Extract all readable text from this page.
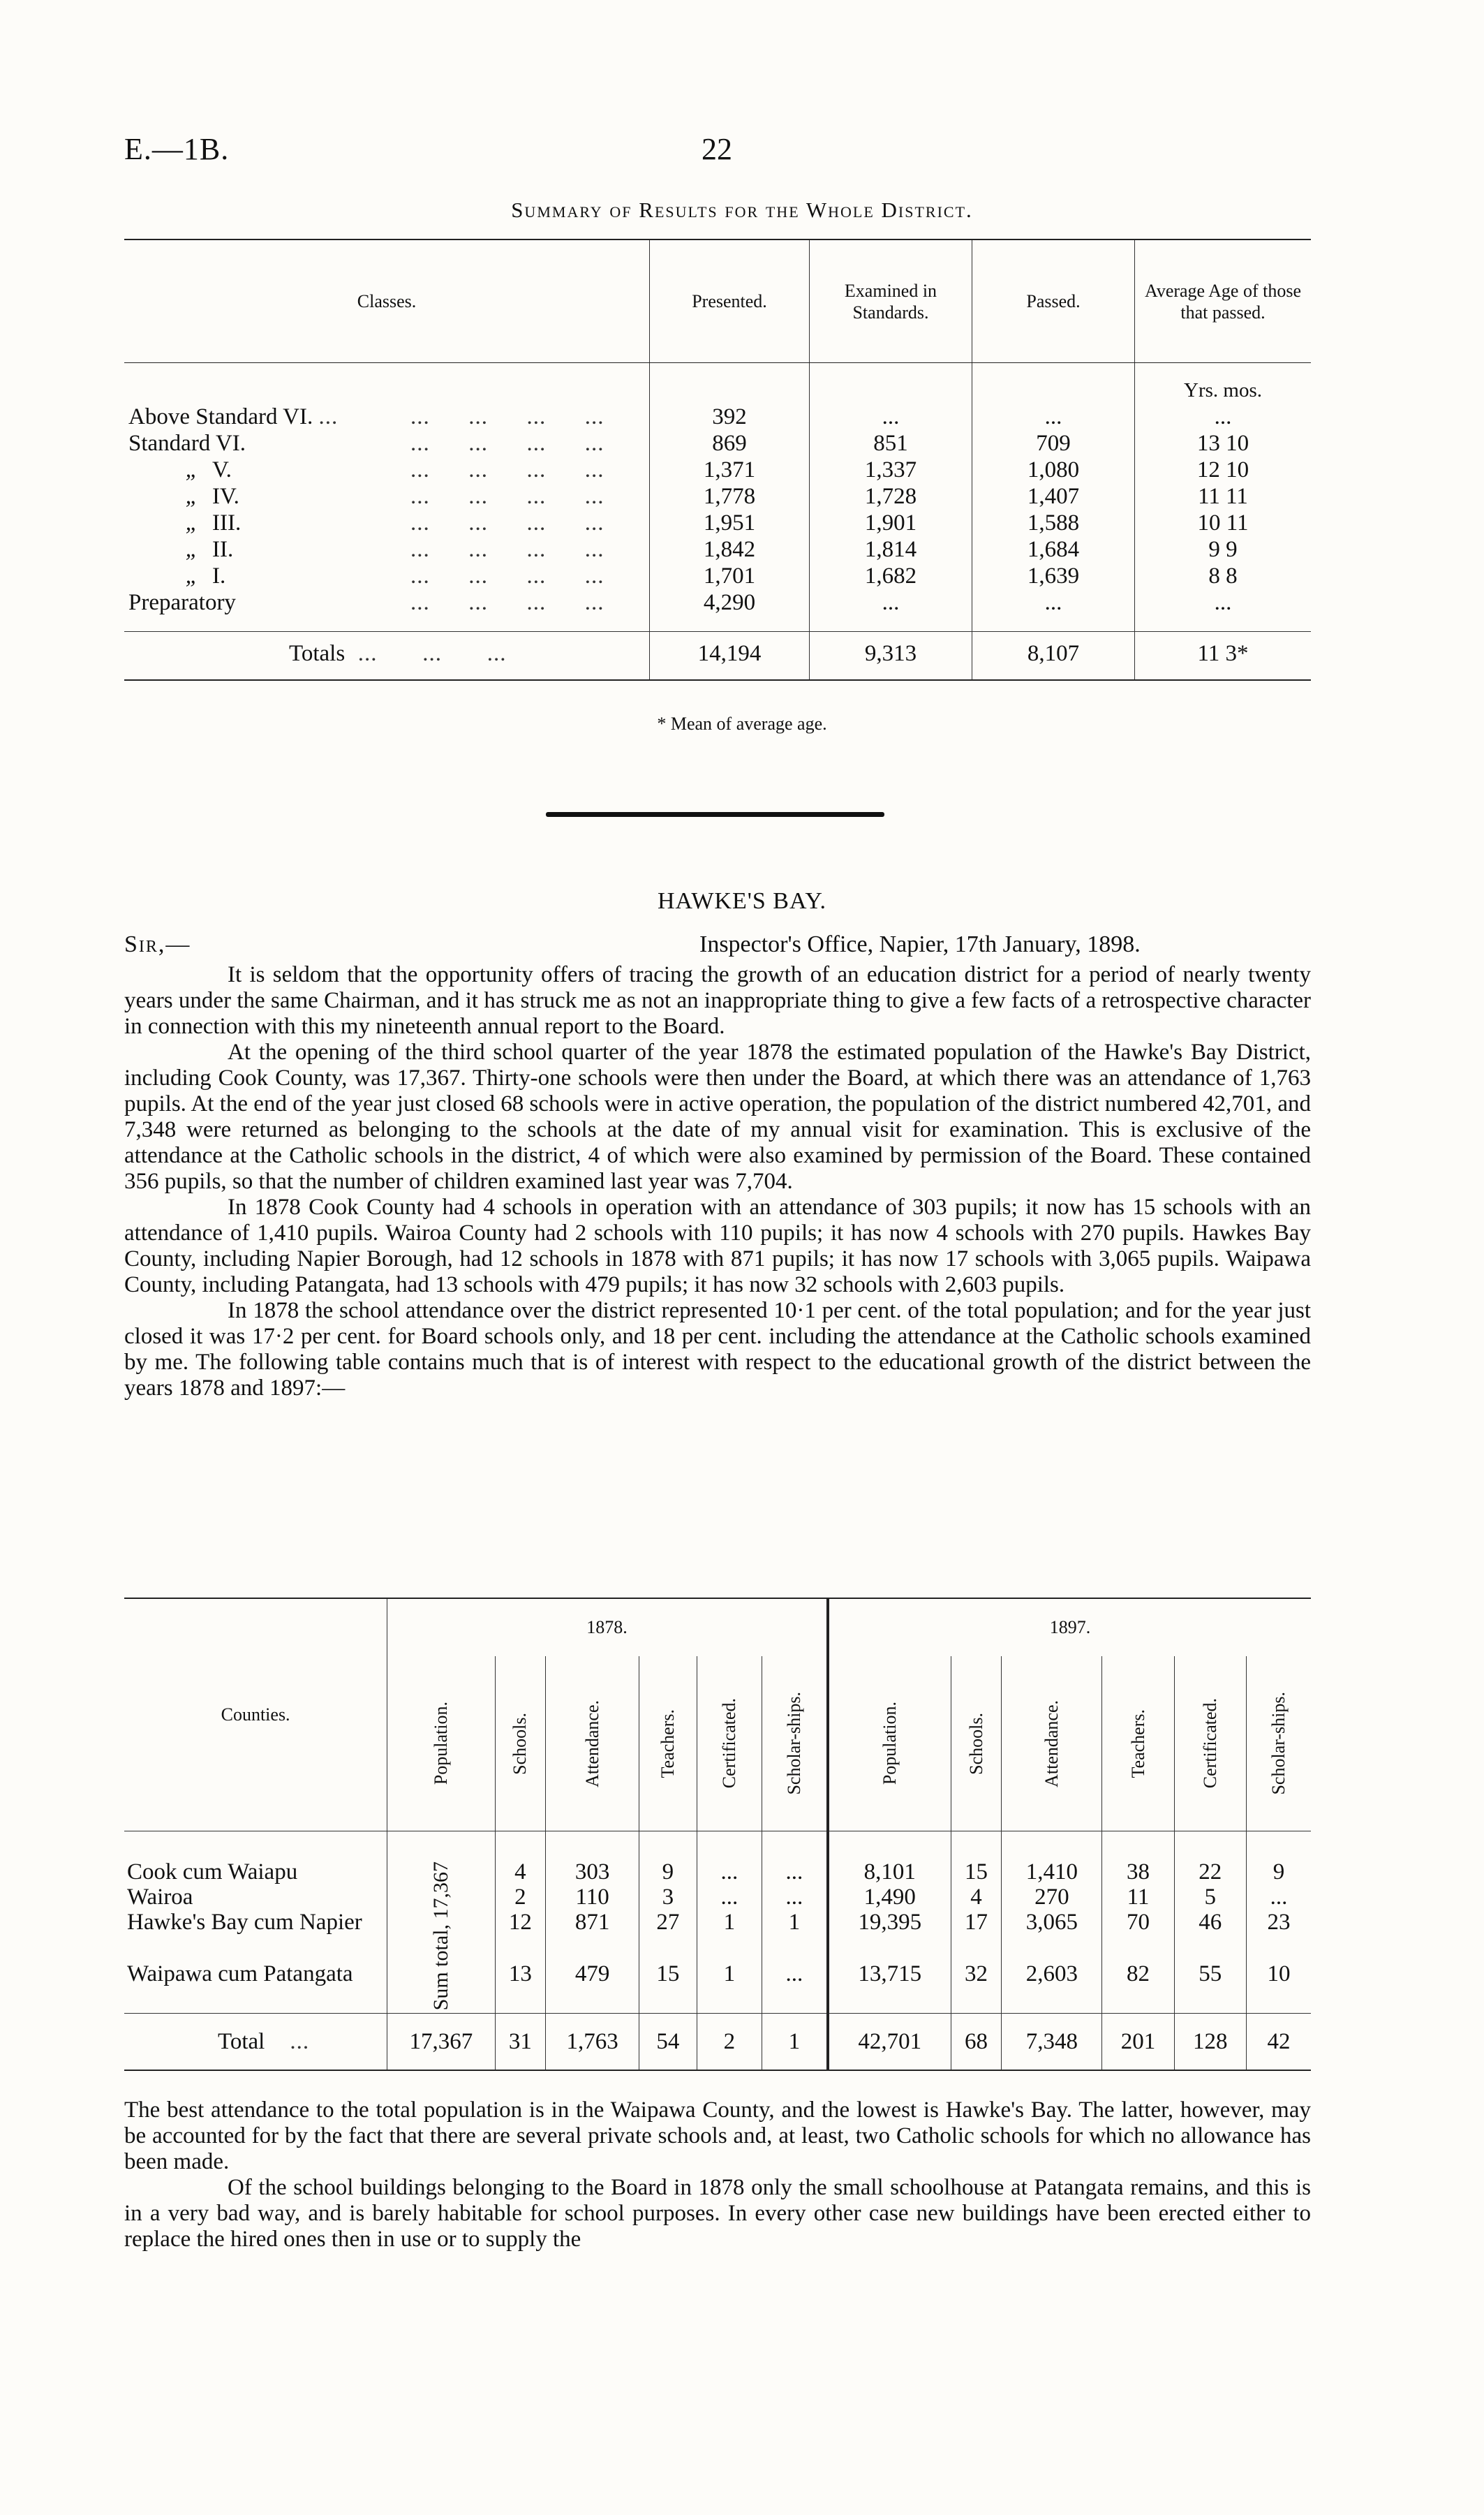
E.—1B.	22
Summary of Results for the Whole District.
Classes.	Presented.	Examined in Standards.	Passed.	Average Age of those that passed.
				Yrs. mos.
Above Standard VI. ... ...      ...      ...      ...	392	...	...	...
Standard VI. ...      ...      ...      ...	869	851	709	13 10
„ V. ...      ...      ...      ...	1,371	1,337	1,080	12 10
„ IV. ...      ...      ...      ...	1,778	1,728	1,407	11 11
„ III. ...      ...      ...      ...	1,951	1,901	1,588	10 11
„ II. ...      ...      ...      ...	1,842	1,814	1,684	9 9
„ I. ...      ...      ...      ...	1,701	1,682	1,639	8 8
Preparatory ...      ...      ...      ...	4,290	...	...	...

Totals  ...       ...       ...	14,194	9,313	8,107	11 3*
* Mean of average age.
HAWKE'S BAY.
Sir,—	Inspector's Office, Napier, 17th January, 1898.

It is seldom that the opportunity offers of tracing the growth of an education district for a period of nearly twenty years under the same Chairman, and it has struck me as not an inappropriate thing to give a few facts of a retrospective character in connection with this my nineteenth annual report to the Board.

At the opening of the third school quarter of the year 1878 the estimated population of the Hawke's Bay District, including Cook County, was 17,367. Thirty-one schools were then under the Board, at which there was an attendance of 1,763 pupils. At the end of the year just closed 68 schools were in active operation, the population of the district numbered 42,701, and 7,348 were returned as belonging to the schools at the date of my annual visit for examination. This is exclusive of the attendance at the Catholic schools in the district, 4 of which were also examined by permission of the Board. These contained 356 pupils, so that the number of children examined last year was 7,704.

In 1878 Cook County had 4 schools in operation with an attendance of 303 pupils; it now has 15 schools with an attendance of 1,410 pupils. Wairoa County had 2 schools with 110 pupils; it has now 4 schools with 270 pupils. Hawkes Bay County, including Napier Borough, had 12 schools in 1878 with 871 pupils; it has now 17 schools with 3,065 pupils. Waipawa County, including Patangata, had 13 schools with 479 pupils; it has now 32 schools with 2,603 pupils.

In 1878 the school attendance over the district represented 10·1 per cent. of the total population; and for the year just closed it was 17·2 per cent. for Board schools only, and 18 per cent. including the attendance at the Catholic schools examined by me. The following table contains much that is of interest with respect to the educational growth of the district between the years 1878 and 1897:—

Counties.	1878.						1897.					

	Population.	Schools.	Attendance.	Teachers.	Certificated.	Scholar-ships.	Population.	Schools.	Attendance.	Teachers.	Certificated.	Scholar-ships.

Cook cum Waiapu	Sum total, 17,367	4	303	9	...	...	8,101	15	1,410	38	22	9
Wairoa		2	110	3	...	...	1,490	4	270	11	5	...
Hawke's Bay cum Napier		12	871	27	1	1	19,395	17	3,065	70	46	23
Waipawa cum Patangata		13	479	15	1	...	13,715	32	2,603	82	55	10
Total    ...	17,367	31	1,763	54	2	1	42,701	68	7,348	201	128	42

The best attendance to the total population is in the Waipawa County, and the lowest is Hawke's Bay. The latter, however, may be accounted for by the fact that there are several private schools and, at least, two Catholic schools for which no allowance has been made.

Of the school buildings belonging to the Board in 1878 only the small schoolhouse at Patangata remains, and this is in a very bad way, and is barely habitable for school purposes. In every other case new buildings have been erected either to replace the hired ones then in use or to supply the
